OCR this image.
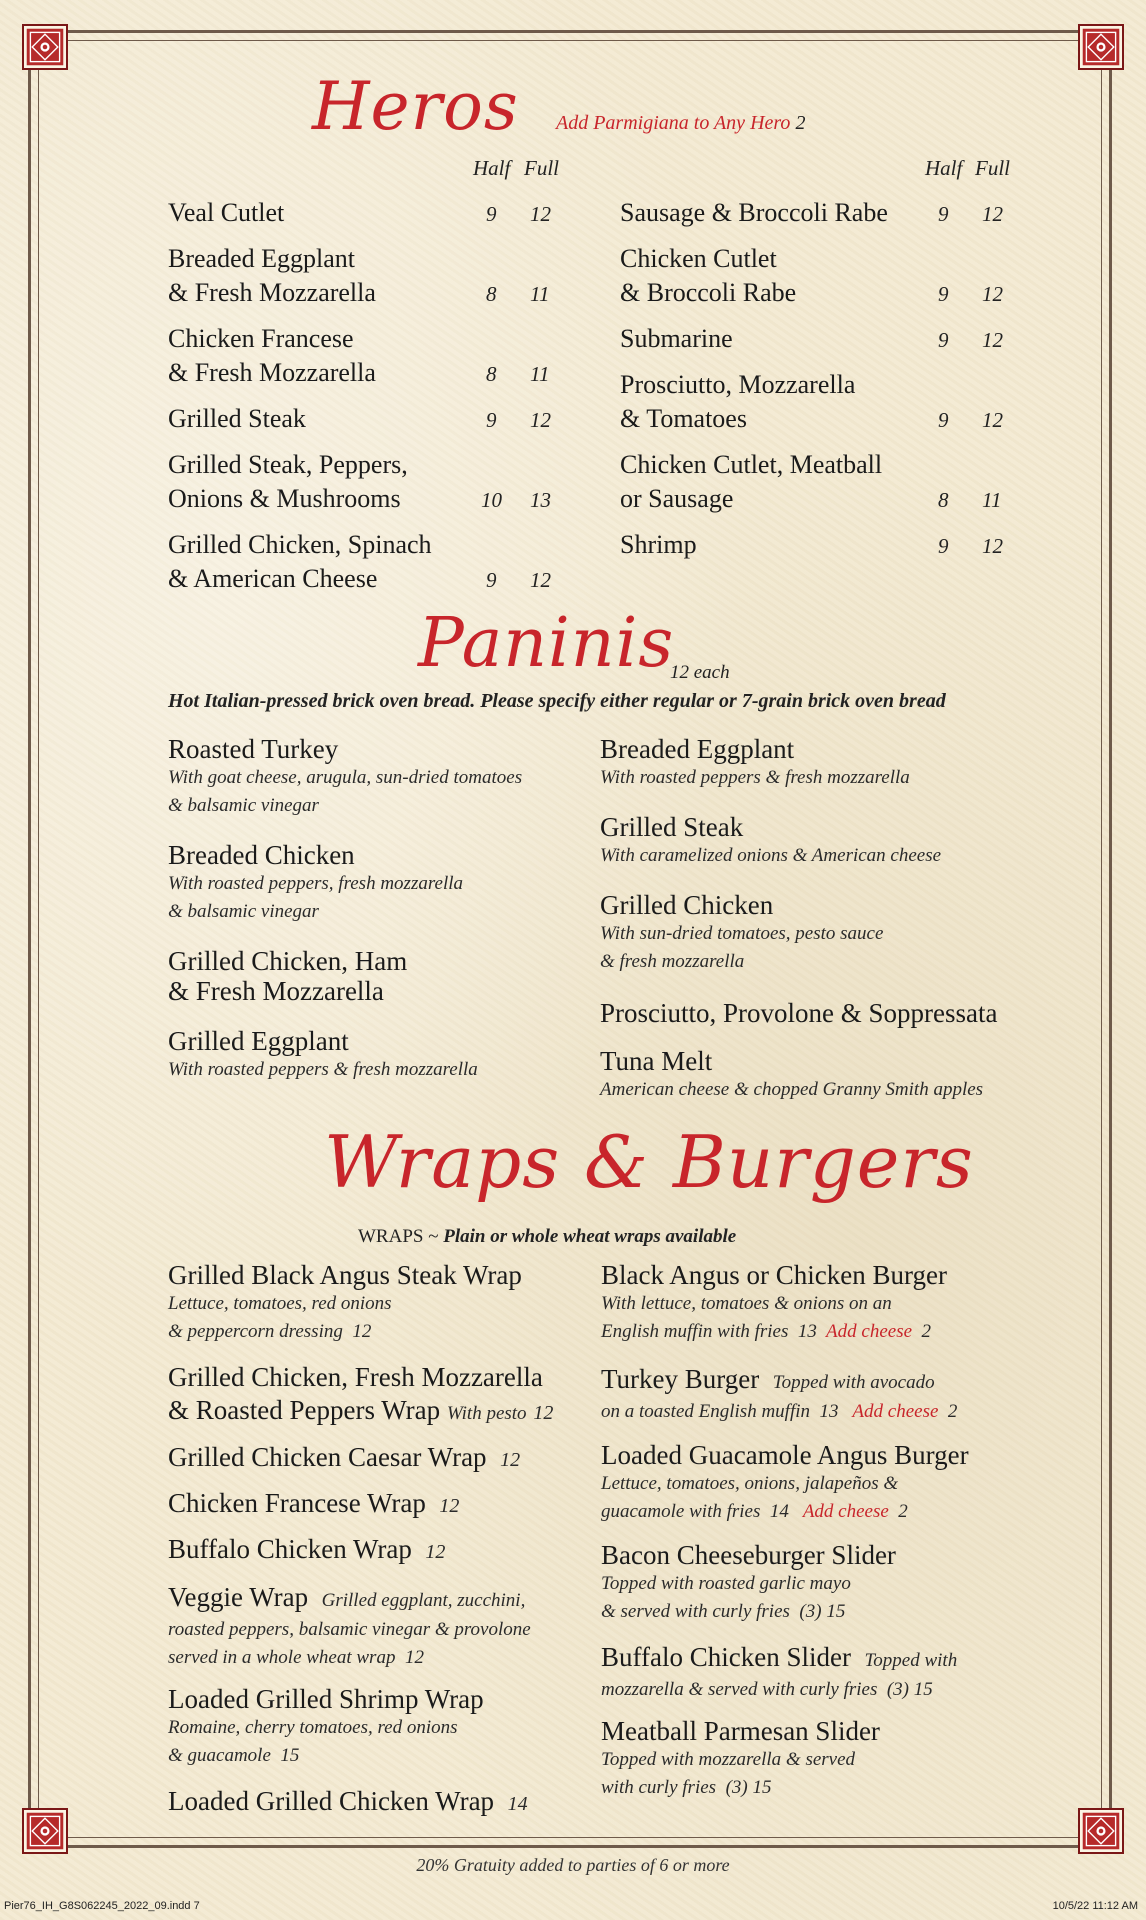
Heros Add Parmigiana to Any Hero 2
Half Full	Half Full
Veal Cutlet	9 12
Breaded Eggplant
& Fresh Mozzarella	8 11
Chicken Francese
& Fresh Mozzarella	8 11
Grilled Steak	9 12
Grilled Steak, Peppers,
Onions & Mushrooms	10 13
Grilled Chicken, Spinach
& American Cheese	9 12
Sausage & Broccoli Rabe 9 12
Chicken Cutlet
& Broccoli Rabe	9 12
Submarine	9 12
Prosciutto, Mozzarella
& Tomatoes	9 12
Chicken Cutlet, Meatball
or Sausage	8 11
Shrimp	9 12
Paninis
12 each
Hot Italian-pressed brick oven bread. Please specify either regular or 7-grain brick oven bread
Roasted Turkey
With goat cheese, arugula, sun-dried tomatoes
& balsamic vinegar
Breaded Chicken
With roasted peppers, fresh mozzarella
& balsamic vinegar
Grilled Chicken, Ham
& Fresh Mozzarella
Grilled Eggplant
With roasted peppers & fresh mozzarella
Breaded Eggplant
With roasted peppers & fresh mozzarella
Grilled Steak
With caramelized onions & American cheese
Grilled Chicken
With sun-dried tomatoes, pesto sauce
& fresh mozzarella
Prosciutto, Provolone & Soppressata
Tuna Melt
American cheese & chopped Granny Smith apples
Wraps & Burgers
WRAPS ~ Plain or whole wheat wraps available
Grilled Black Angus Steak Wrap
Lettuce, tomatoes, red onions
& peppercorn dressing 12
Grilled Chicken, Fresh Mozzarella
& Roasted Peppers Wrap With pesto 12
Grilled Chicken Caesar Wrap 12
Chicken Francese Wrap 12
Buffalo Chicken Wrap 12
Veggie Wrap Grilled eggplant, zucchini,
roasted peppers, balsamic vinegar & provolone
served in a whole wheat wrap 12
Loaded Grilled Shrimp Wrap
Romaine, cherry tomatoes, red onions
& guacamole 15
Loaded Grilled Chicken Wrap 14
Black Angus or Chicken Burger
With lettuce, tomatoes & onions on an
English muffin with fries 13 Add cheese 2
Turkey Burger Topped with avocado
on a toasted English muffin 13 Add cheese 2
Loaded Guacamole Angus Burger
Lettuce, tomatoes, onions, jalapeños &
guacamole with fries 14 Add cheese 2
Bacon Cheeseburger Slider
Topped with roasted garlic mayo
& served with curly fries (3) 15
Buffalo Chicken Slider Topped with
mozzarella & served with curly fries (3) 15
Meatball Parmesan Slider
Topped with mozzarella & served
with curly fries (3) 15
20% Gratuity added to parties of 6 or more
Pier76_IH_G8S062245_2022_09.indd 7	10/5/22 11:12 AM
